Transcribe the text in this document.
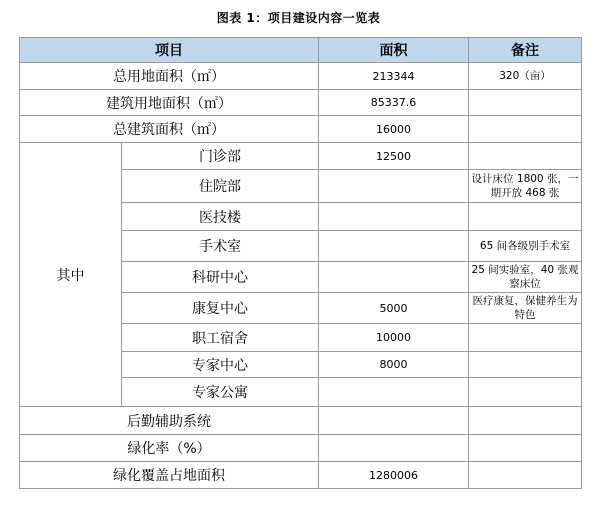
图表 1：项目建设内容一览表
项目		面积	备注
总用地面积（㎡）		213344	320（亩）
建筑用地面积（㎡）		85337.6	
总建筑面积（㎡）		16000	
其中	门诊部	12500	
	住院部		设计床位 1800 张，一期开放 468 张
	医技楼		
	手术室		65 间各级别手术室
	科研中心		25 间实验室，40 张观察床位
	康复中心	5000	医疗康复，保健养生为特色
	职工宿舍	10000	
	专家中心	8000	
	专家公寓		
后勤辅助系统			
绿化率（%）			
绿化覆盖占地面积		1280006	
